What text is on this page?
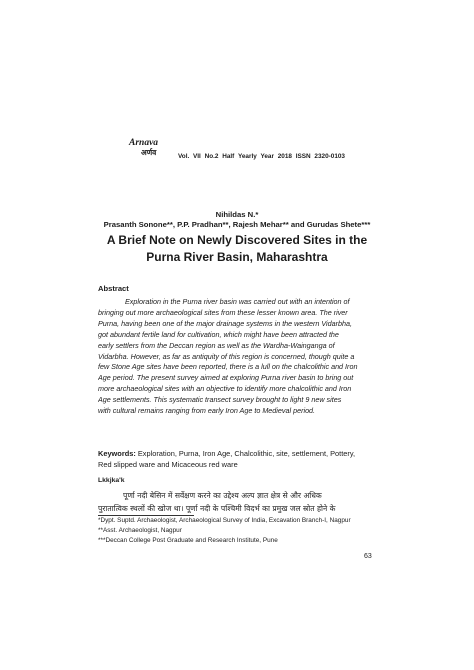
Arnava
अर्णव	Vol. VII No.2 Half Yearly Year 2018 ISSN 2320-0103
Nihildas N.*
Prasanth Sonone**, P.P. Pradhan**, Rajesh Mehar** and Gurudas Shete***
A Brief Note on Newly Discovered Sites in the
Purna River Basin, Maharashtra
Abstract
Exploration in the Purna river basin was carried out with an intention of
bringing out more archaeological sites from these lesser known area. The river
Purna, having been one of the major drainage systems in the western Vidarbha,
got abundant fertile land for cultivation, which might have been attracted the
early settlers from the Deccan region as well as the Wardha-Wainganga of
Vidarbha. However, as far as antiquity of this region is concerned, though quite a
few Stone Age sites have been reported, there is a lull on the chalcolithic and Iron
Age period. The present survey aimed at exploring Purna river basin to bring out
more archaeological sites with an objective to identify more chalcolithic and Iron
Age settlements. This systematic transect survey brought to light 9 new sites
with cultural remains ranging from early Iron Age to Medieval period.
Keywords: Exploration, Purna, Iron Age, Chalcolithic, site, settlement, Pottery,
Red slipped ware and Micaceous red ware
Lkkjka'k
पूर्णा नदी बेसिन में सर्वेक्षण करने का उद्देश्य अल्प ज्ञात क्षेत्र से और अधिक
पुरातात्विक स्थलों की खोज था। पूर्णा नदी के पश्चिमी विदर्भ का प्रमुख जल स्रोत होने के
*Dypt. Suptd. Archaeologist, Archaeological Survey of India, Excavation Branch-I, Nagpur
**Asst. Archaeologist, Nagpur
***Deccan College Post Graduate and Research Institute, Pune
63
